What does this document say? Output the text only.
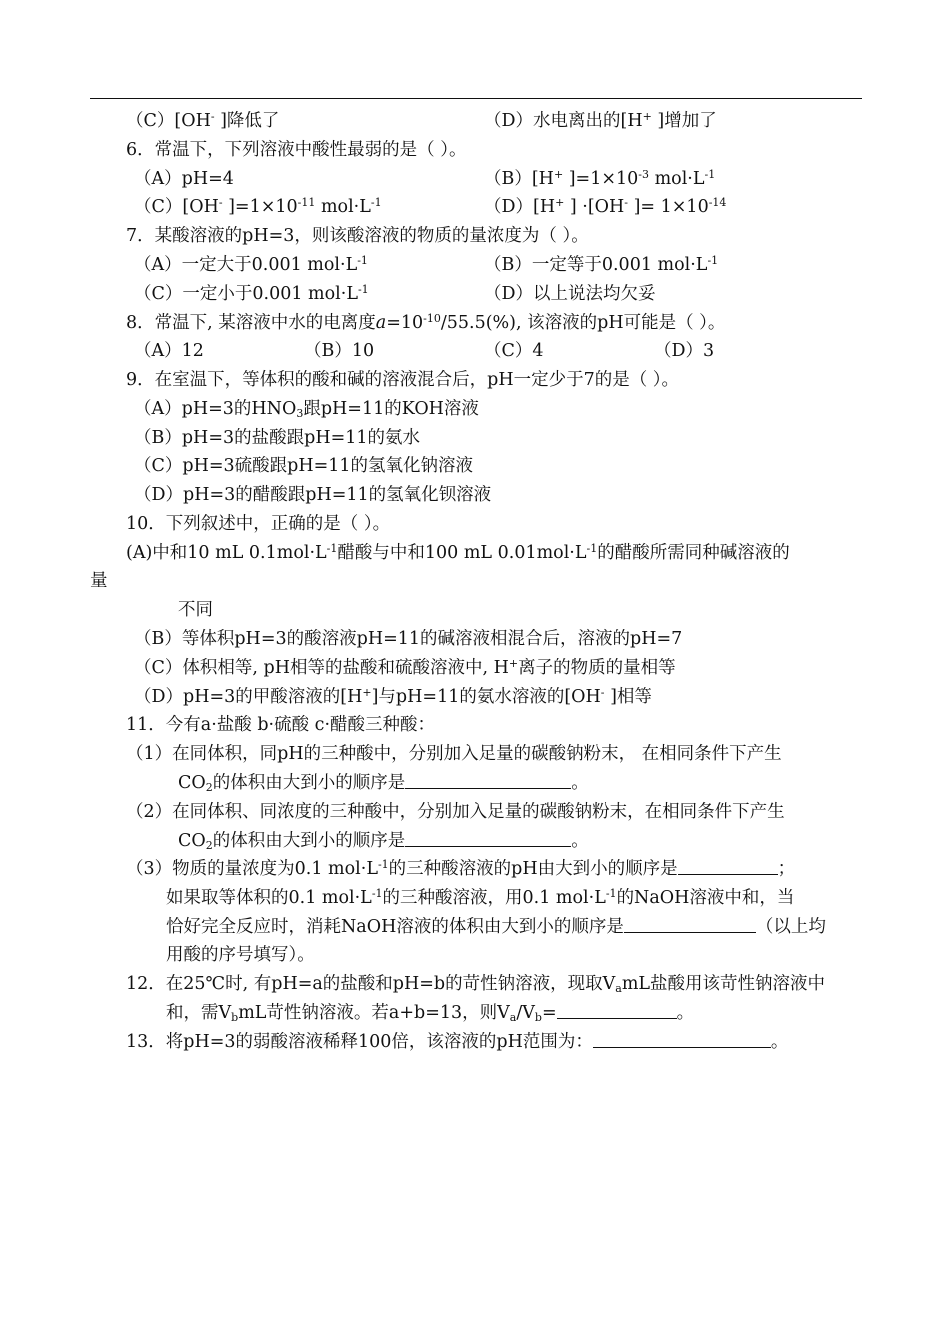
（C）[OH- ]降低了	（D）水电离出的[H+ ]增加了
6．常温下，下列溶液中酸性最弱的是（ ）。
（A）pH=4	（B）[H+ ]$=1\times 10^{-3}$ $mol\cdot L^{-1}$
（C）[OH- ]$=1\times 10^{-11}$ $mol\cdot L^{-1}$	（D）[H+ ] ·[OH- ]= $1\times 10^{-14}$
7．某酸溶液的pH=3，则该酸溶液的物质的量浓度为（ ）。
（A）一定大于0.001 $mol\cdot L^{-1}$	（B）一定等于0.001 $mol\cdot L^{-1}$
（C）一定小于0.001 $mol\cdot L^{-1}$	（D）以上说法均欠妥
8．常温下, 某溶液中水的电离度$a=10^{-10}/55.5(\%)$, 该溶液的pH可能是（ ）。
（A）12	（B）10	（C）4	（D）3
9．在室温下，等体积的酸和碱的溶液混合后，pH一定少于7的是（ ）。
（A）pH=3的$HNO_3$跟pH=11的KOH溶液
（B）pH=3的盐酸跟pH=11的氨水
（C）pH=3硫酸跟pH=11的氢氧化钠溶液
（D）pH=3的醋酸跟pH=11的氢氧化钡溶液
10．下列叙述中，正确的是（ ）。
(A)中和10 mL $0.1mol\cdot L^{-1}$醋酸与中和100 mL $0.01mol\cdot L^{-1}$的醋酸所需同种碱溶液的
量
不同
（B）等体积pH=3的酸溶液pH=11的碱溶液相混合后，溶液的pH=7
（C）体积相等, pH相等的盐酸和硫酸溶液中, H+离子的物质的量相等
（D）pH=3的甲酸溶液的[H+]与pH=11的氨水溶液的[OH- ]相等
11．今有a·盐酸 b·硫酸 c·醋酸三种酸：
（1）在同体积，同pH的三种酸中，分别加入足量的碳酸钠粉末， 在相同条件下产生
$CO_2$的体积由大到小的顺序是	。
（2）在同体积、同浓度的三种酸中，分别加入足量的碳酸钠粉末，在相同条件下产生
$CO_2$的体积由大到小的顺序是	。
（3）物质的量浓度为0.1 $mol\cdot L^{-1}$的三种酸溶液的pH由大到小的顺序是	；
如果取等体积的0.1 $mol\cdot L^{-1}$的三种酸溶液，用0.1 $mol\cdot L^{-1}$的NaOH溶液中和，当
恰好完全反应时，消耗NaOH溶液的体积由大到小的顺序是	（以上均
用酸的序号填写）。
12．在25℃时, 有pH=a的盐酸和pH=b的苛性钠溶液，现取$V_amL$盐酸用该苛性钠溶液中
和，需$V_bmL$苛性钠溶液。若a+b=13，则$V_a/V_b=$	。
13．将pH=3的弱酸溶液稀释100倍，该溶液的pH范围为：	。
